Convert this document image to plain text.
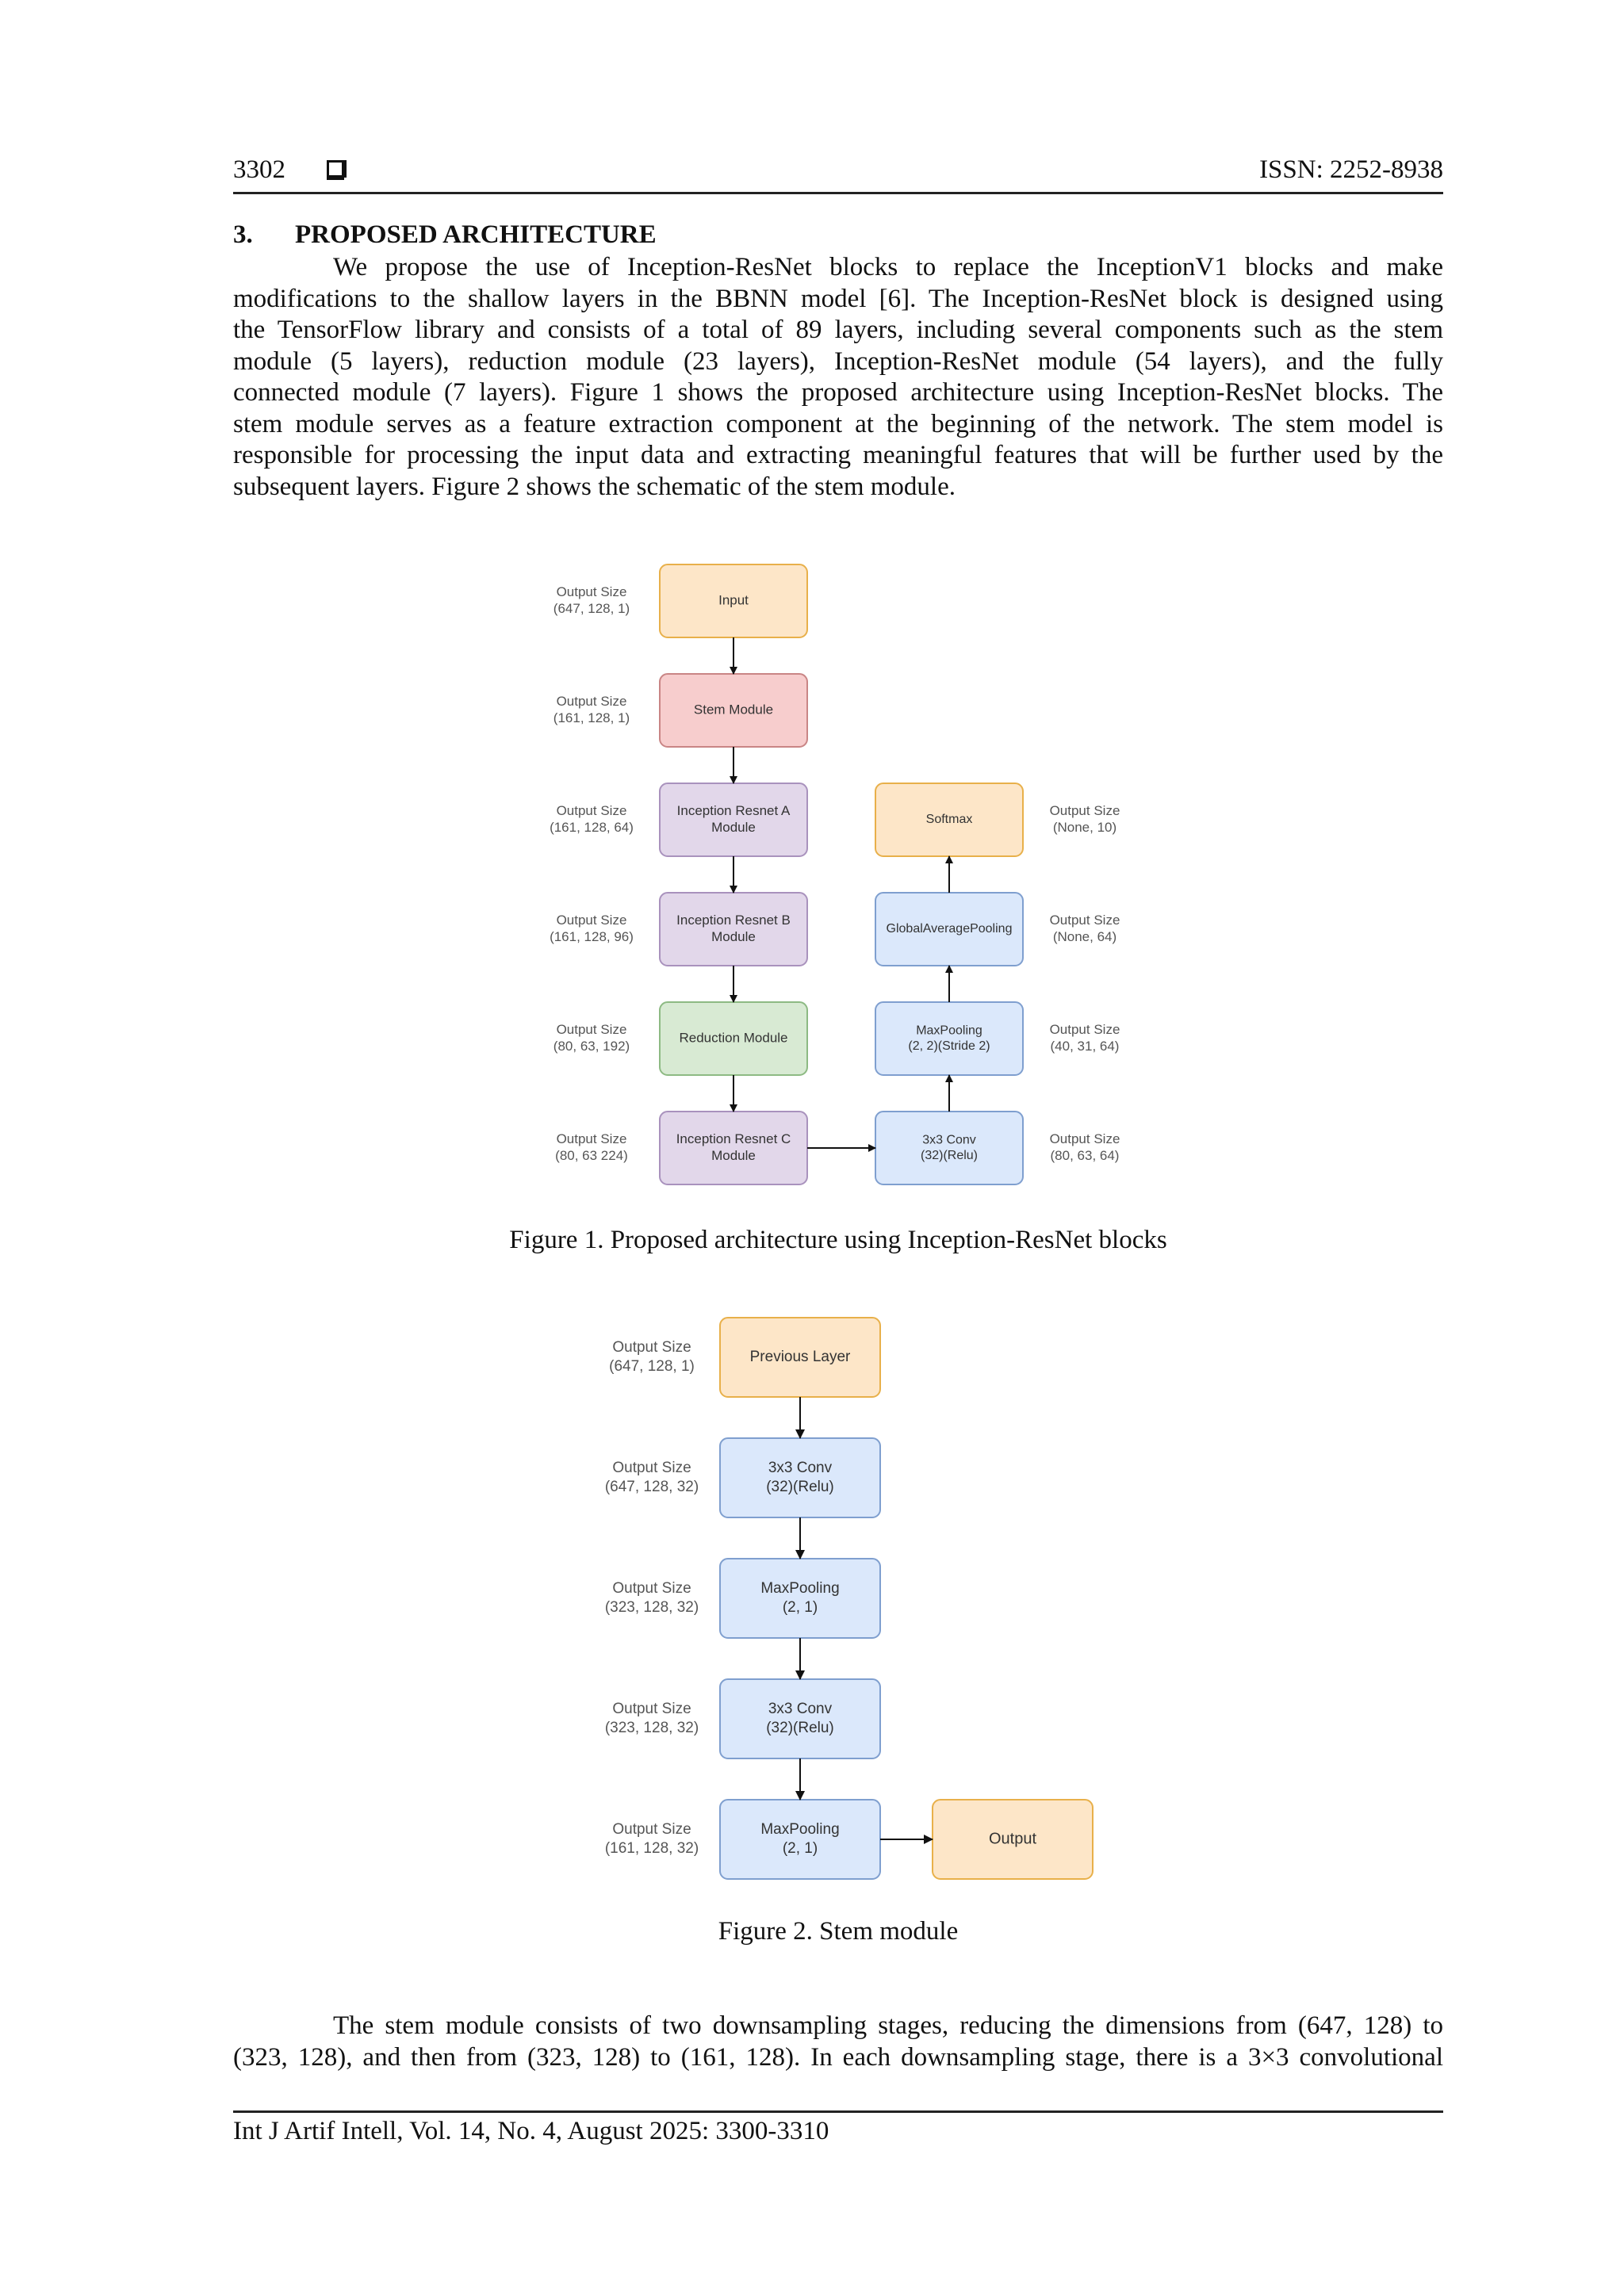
3302	ISSN: 2252-8938
3. PROPOSED ARCHITECTURE
We propose the use of Inception-ResNet blocks to replace the InceptionV1 blocks and make
modifications to the shallow layers in the BBNN model [6]. The Inception-ResNet block is designed using
the TensorFlow library and consists of a total of 89 layers, including several components such as the stem
module (5 layers), reduction module (23 layers), Inception-ResNet module (54 layers), and the fully
connected module (7 layers). Figure 1 shows the proposed architecture using Inception-ResNet blocks. The
stem module serves as a feature extraction component at the beginning of the network. The stem model is
responsible for processing the input data and extracting meaningful features that will be further used by the
subsequent layers. Figure 2 shows the schematic of the stem module.
Input
Output Size
(647, 128, 1)
Stem Module
Output Size
(161, 128, 1)
Inception Resnet A
Module
Output Size
(161, 128, 64)
Inception Resnet B
Module
Output Size
(161, 128, 96)
Reduction Module
Output Size
(80, 63, 192)
Inception Resnet C
Module
Output Size
(80, 63 224)
Softmax
Output Size
(None, 10)
GlobalAveragePooling
Output Size
(None, 64)
MaxPooling
(2, 2)(Stride 2)
Output Size
(40, 31, 64)
3x3 Conv
(32)(Relu)
Output Size
(80, 63, 64)
Figure 1. Proposed architecture using Inception-ResNet blocks
Previous Layer
Output Size
(647, 128, 1)
3x3 Conv
(32)(Relu)
Output Size
(647, 128, 32)
MaxPooling
(2, 1)
Output Size
(323, 128, 32)
3x3 Conv
(32)(Relu)
Output Size
(323, 128, 32)
MaxPooling
(2, 1)
Output Size
(161, 128, 32)
Output
Figure 2. Stem module
The stem module consists of two downsampling stages, reducing the dimensions from (647, 128) to
(323, 128), and then from (323, 128) to (161, 128). In each downsampling stage, there is a 3×3 convolutional
Int J Artif Intell, Vol. 14, No. 4, August 2025: 3300-3310
